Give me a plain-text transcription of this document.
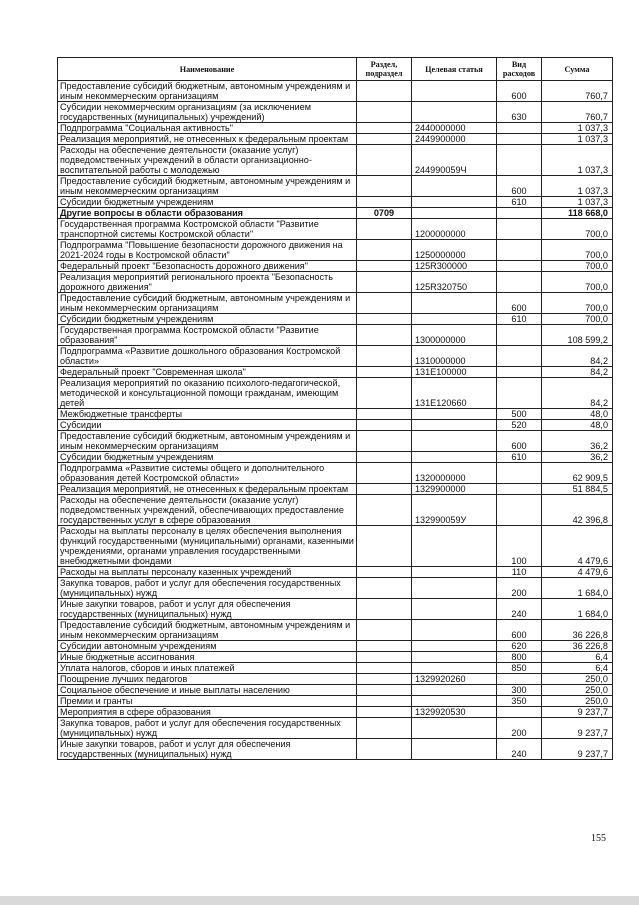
Наименование	Раздел, подраздел	Целевая статья	Вид расходов	Сумма
Предоставление субсидий бюджетным, автономным учреждениям и иным некоммерческим организациям			600	760,7
Субсидии некоммерческим организациям (за исключением государственных (муниципальных) учреждений)			630	760,7
Подпрограмма "Социальная активность"		2440000000		1 037,3
Реализация мероприятий, не отнесенных к федеральным проектам		2449900000		1 037,3
Расходы на обеспечение деятельности (оказание услуг) подведомственных учреждений в области организационно-воспитательной работы с молодежью		244990059Ч		1 037,3
Предоставление субсидий бюджетным, автономным учреждениям и иным некоммерческим организациям			600	1 037,3
Субсидии бюджетным учреждениям			610	1 037,3
Другие вопросы в области образования	0709			118 668,0
Государственная программа Костромской области "Развитие транспортной системы Костромской области"		1200000000		700,0
Подпрограмма "Повышение безопасности дорожного движения на 2021-2024 годы в Костромской области"		1250000000		700,0
Федеральный проект "Безопасность дорожного движения"		125R300000		700,0
Реализация мероприятий регионального проекта "Безопасность дорожного движения"		125R320750		700,0
Предоставление субсидий бюджетным, автономным учреждениям и иным некоммерческим организациям			600	700,0
Субсидии бюджетным учреждениям			610	700,0
Государственная программа Костромской области "Развитие образования"		1300000000		108 599,2
Подпрограмма «Развитие дошкольного образования Костромской области»		1310000000		84,2
Федеральный проект "Современная школа"		131E100000		84,2
Реализация мероприятий по оказанию психолого-педагогической, методической и консультационной помощи гражданам, имеющим детей		131E120660		84,2
Межбюджетные трансферты			500	48,0
Субсидии			520	48,0
Предоставление субсидий бюджетным, автономным учреждениям и иным некоммерческим организациям			600	36,2
Субсидии бюджетным учреждениям			610	36,2
Подпрограмма «Развитие системы общего и дополнительного образования детей Костромской области»		1320000000		62 909,5
Реализация мероприятий, не отнесенных к федеральным проектам		1329900000		51 884,5
Расходы на обеспечение деятельности (оказание услуг) подведомственных учреждений, обеспечивающих предоставление государственных услуг в сфере образования		132990059У		42 396,8
Расходы на выплаты персоналу в целях обеспечения выполнения функций государственными (муниципальными) органами, казенными учреждениями, органами управления государственными внебюджетными фондами			100	4 479,6
Расходы на выплаты персоналу казенных учреждений			110	4 479,6
Закупка товаров, работ и услуг для обеспечения государственных (муниципальных) нужд			200	1 684,0
Иные закупки товаров, работ и услуг для обеспечения государственных (муниципальных) нужд			240	1 684,0
Предоставление субсидий бюджетным, автономным учреждениям и иным некоммерческим организациям			600	36 226,8
Субсидии автономным учреждениям			620	36 226,8
Иные бюджетные ассигнования			800	6,4
Уплата налогов, сборов и иных платежей			850	6,4
Поощрение лучших педагогов		1329920260		250,0
Социальное обеспечение и иные выплаты населению			300	250,0
Премии и гранты			350	250,0
Мероприятия в сфере образования		1329920530		9 237,7
Закупка товаров, работ и услуг для обеспечения государственных (муниципальных) нужд			200	9 237,7
Иные закупки товаров, работ и услуг для обеспечения государственных (муниципальных) нужд			240	9 237,7
155
